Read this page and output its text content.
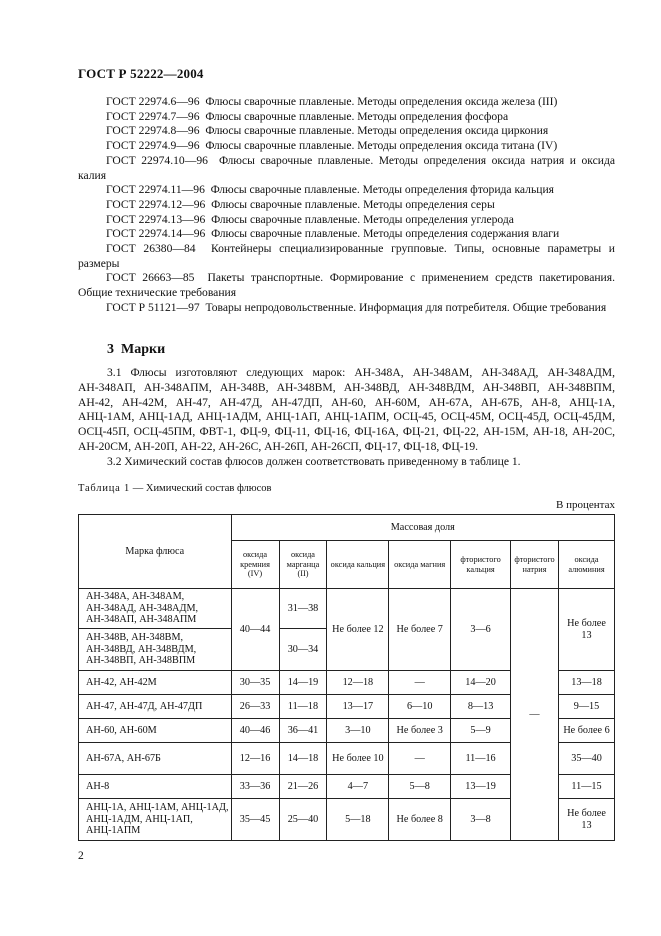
ГОСТ Р 52222—2004

ГОСТ 22974.6—96 Флюсы сварочные плавленые. Методы определения оксида железа (III)

ГОСТ 22974.7—96 Флюсы сварочные плавленые. Методы определения фосфора

ГОСТ 22974.8—96 Флюсы сварочные плавленые. Методы определения оксида циркония

ГОСТ 22974.9—96 Флюсы сварочные плавленые. Методы определения оксида титана (IV)

ГОСТ 22974.10—96 Флюсы сварочные плавленые. Методы определения оксида натрия и оксида калия

ГОСТ 22974.11—96 Флюсы сварочные плавленые. Методы определения фторида кальция

ГОСТ 22974.12—96 Флюсы сварочные плавленые. Методы определения серы

ГОСТ 22974.13—96 Флюсы сварочные плавленые. Методы определения углерода

ГОСТ 22974.14—96 Флюсы сварочные плавленые. Методы определения содержания влаги

ГОСТ 26380—84 Контейнеры специализированные групповые. Типы, основные параметры и размеры

ГОСТ 26663—85 Пакеты транспортные. Формирование с применением средств пакетирования. Общие технические требования

ГОСТ Р 51121—97 Товары непродовольственные. Информация для потребителя. Общие требования

3 Марки

3.1 Флюсы изготовляют следующих марок: АН-348А, АН-348АМ, АН-348АД, АН-348АДМ, АН-348АП, АН-348АПМ, АН-348В, АН-348ВМ, АН-348ВД, АН-348ВДМ, АН-348ВП, АН-348ВПМ, АН-42, АН-42М, АН-47, АН-47Д, АН-47ДП, АН-60, АН-60М, АН-67А, АН-67Б, АН-8, АНЦ-1А, АНЦ-1АМ, АНЦ-1АД, АНЦ-1АДМ, АНЦ-1АП, АНЦ-1АПМ, ОСЦ-45, ОСЦ-45М, ОСЦ-45Д, ОСЦ-45ДМ, ОСЦ-45П, ОСЦ-45ПМ, ФВТ-1, ФЦ-9, ФЦ-11, ФЦ-16, ФЦ-16А, ФЦ-21, ФЦ-22, АН-15М, АН-18, АН-20С, АН-20СМ, АН-20П, АН-22, АН-26С, АН-26П, АН-26СП, ФЦ-17, ФЦ-18, ФЦ-19.

3.2 Химический состав флюсов должен соответствовать приведенному в таблице 1.

Таблица 1 — Химический состав флюсов
В процентах
Марка флюса	Массовая доля						
	оксида кремния (IV)	оксида марганца (II)	оксида кальция	оксида магния	фтористого кальция	фтористого натрия	оксида алюминия
АН-348А, АН-348АМ, АН-348АД, АН-348АДМ, АН-348АП, АН-348АПМ	40—44	31—38	Не более 12	Не более 7	3—6	—	Не более 13
АН-348В, АН-348ВМ, АН-348ВД, АН-348ВДМ, АН-348ВП, АН-348ВПМ		30—34					
АН-42, АН-42М	30—35	14—19	12—18	—	14—20		13—18
АН-47, АН-47Д, АН-47ДП	26—33	11—18	13—17	6—10	8—13		9—15
АН-60, АН-60М	40—46	36—41	3—10	Не более 3	5—9		Не более 6
АН-67А, АН-67Б	12—16	14—18	Не более 10	—	11—16		35—40
АН-8	33—36	21—26	4—7	5—8	13—19		11—15
АНЦ-1А, АНЦ-1АМ, АНЦ-1АД, АНЦ-1АДМ, АНЦ-1АП, АНЦ-1АПМ	35—45	25—40	5—18	Не более 8	3—8		Не более 13
2
